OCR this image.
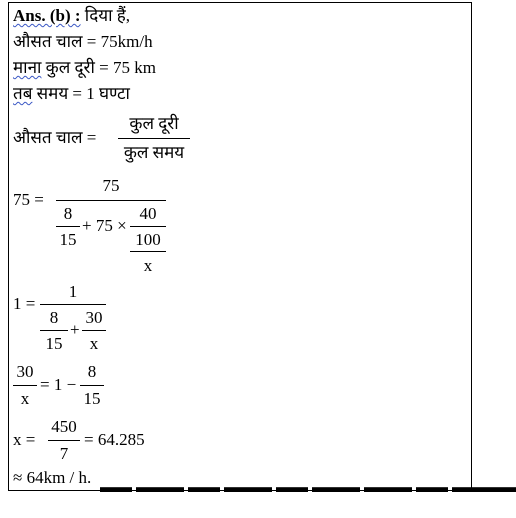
Ans. (b) : दिया हैं,
औसत चाल = 75km/h
माना कुल दूरी = 75 km
तब समय = 1 घण्टा
औसत चाल =
कुल दूरी
कुल समय
75 =
75
8
15
+ 75 ×
40
100
x
1 =
1
8
15
+
30
x
30
x
= 1 −
8
15
x =
450
7
= 64.285
≈ 64km / h.
▬▬ ▬▬▬ ▬▬ ▬▬▬ ▬▬ ▬▬▬ ▬▬▬ ▬▬ ▬▬▬▬
